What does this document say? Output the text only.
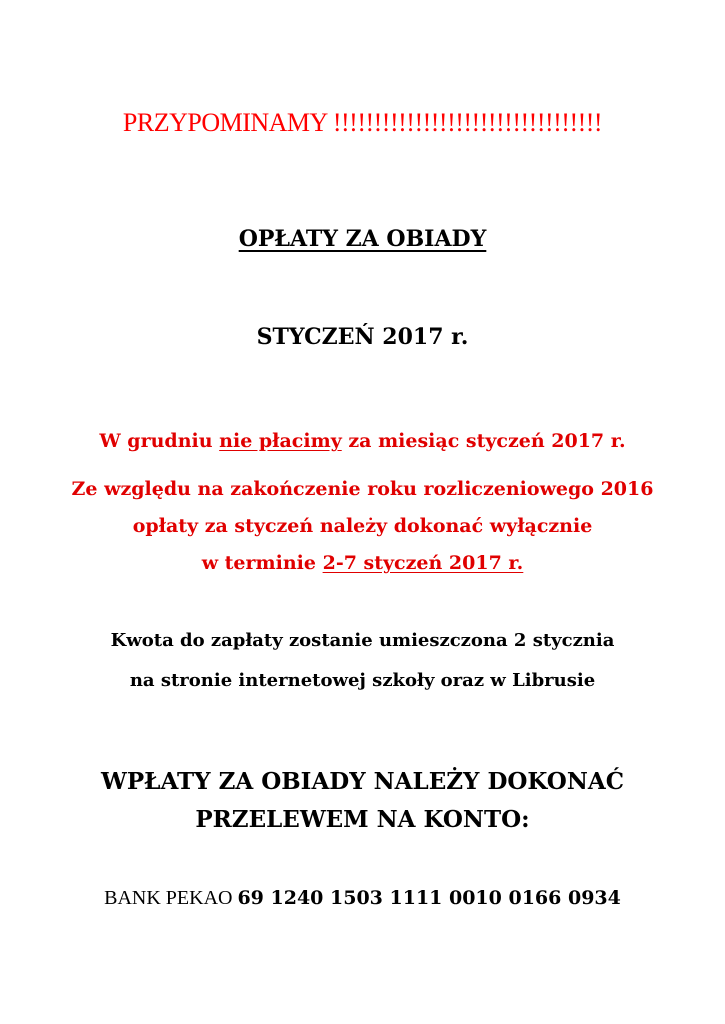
PRZYPOMINAMY !!!!!!!!!!!!!!!!!!!!!!!!!!!!!!!!!
OPŁATY ZA OBIADY
STYCZEŃ 2017 r.
W grudniu nie płacimy za miesiąc styczeń 2017 r.
Ze względu na zakończenie roku rozliczeniowego 2016
opłaty za styczeń należy dokonać wyłącznie
w terminie 2-7 styczeń 2017 r.
Kwota do zapłaty zostanie umieszczona 2 stycznia
na stronie internetowej szkoły oraz w Librusie
WPŁATY ZA OBIADY NALEŻY DOKONAĆ
PRZELEWEM NA KONTO:
BANK PEKAO 69 1240 1503 1111 0010 0166 0934
